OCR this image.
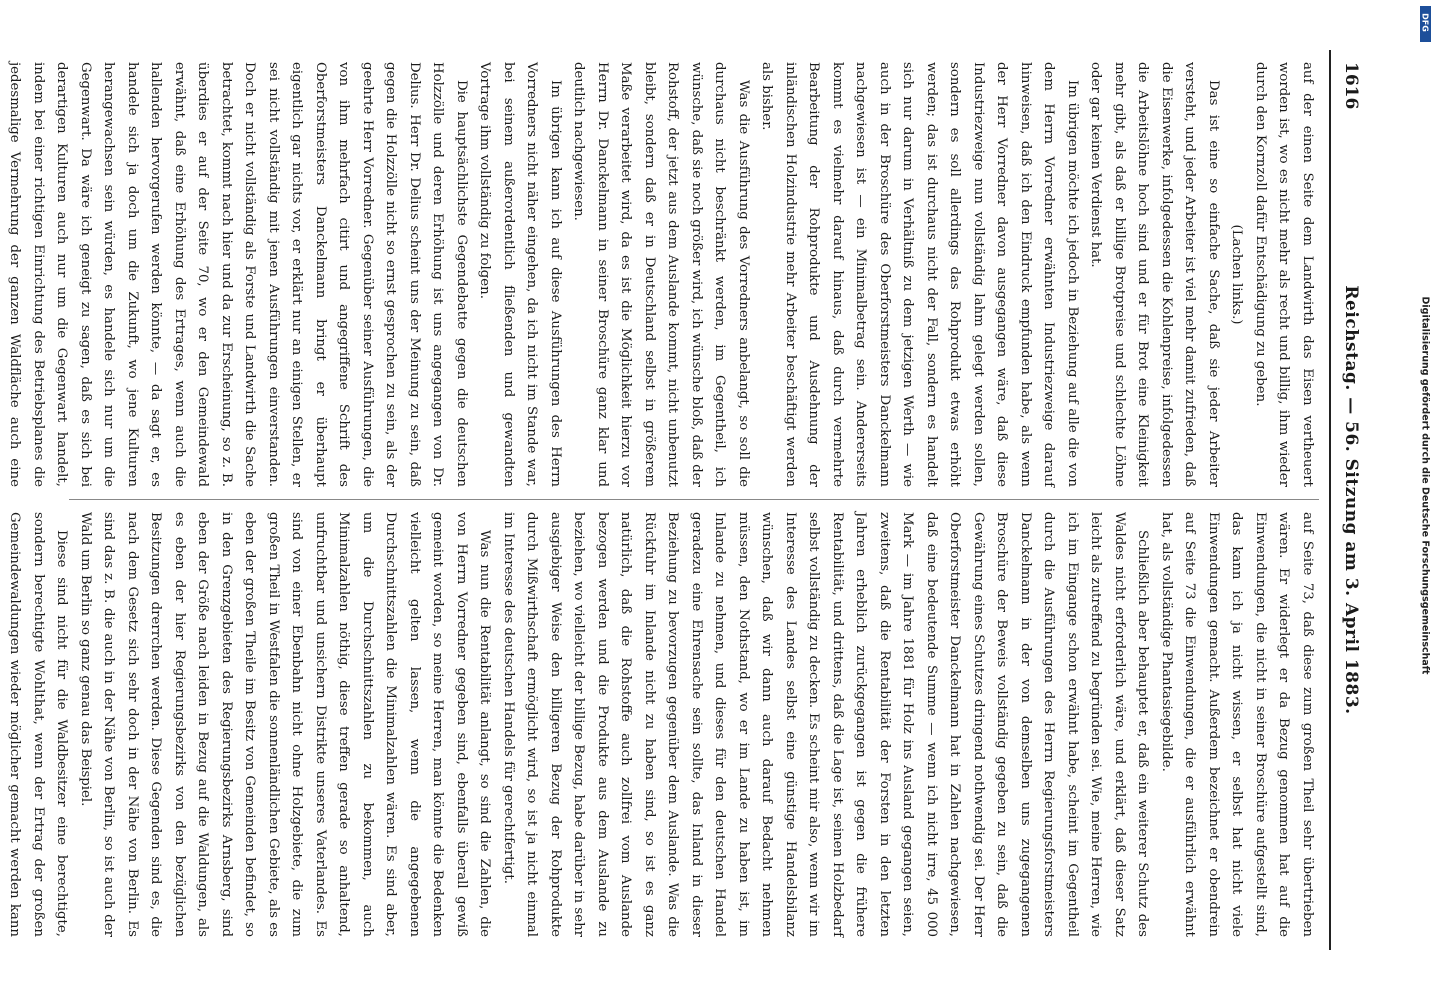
1616
Reichstag. — 56. Sitzung am 3. April 1883.

auf der einen Seite dem Landwirth das Eisen vertheuert worden ist, wo es nicht mehr als recht und billig, ihm wieder durch den Kornzoll dafür Entschädigung zu geben.

(Lachen links.)

Das ist eine so einfache Sache, daß sie jeder Arbeiter versteht, und jeder Arbeiter ist viel mehr damit zufrieden, daß die Eisenwerke, infolgedessen die Kohlenpreise, infolgedessen die Arbeitslöhne hoch sind und er für Brot eine Kleinigkeit mehr gibt, als daß er billige Brotpreise und schlechte Löhne oder gar keinen Verdienst hat.

Im übrigen möchte ich jedoch in Beziehung auf alle die von dem Herrn Vorredner erwähnten Industriezweige darauf hinweisen, daß ich den Eindruck empfunden habe, als wenn der Herr Vorredner davon ausgegangen wäre, daß diese Industriezweige nun vollständig lahm gelegt werden sollen, sondern es soll allerdings das Rohprodukt etwas erhöht werden; das ist durchaus nicht der Fall, sondern es handelt sich nur darum in Verhältniß zu dem jetzigen Werth — wie auch in der Broschüre des Oberforstmeisters Danckelmann nachgewiesen ist — ein Minimalbetrag sein. Andererseits kommt es vielmehr darauf hinaus, daß durch vermehrte Bearbeitung der Rohprodukte und Ausdehnung der inländischen Holzindustrie mehr Arbeiter beschäftigt werden als bisher.

Was die Ausführung des Vorredners anbelangt, so soll die durchaus nicht beschränkt werden, im Gegentheil, ich wünsche, daß sie noch größer wird, ich wünsche bloß, daß der Rohstoff, der jetzt aus dem Auslande kommt, nicht unbenutzt bleibt, sondern daß er in Deutschland selbst in größerem Maße verarbeitet wird, da es ist die Möglichkeit hierzu vor Herrn Dr. Danckelmann in seiner Broschüre ganz klar und deutlich nachgewiesen.

Im übrigen kann ich auf diese Ausführungen des Herrn Vorredners nicht näher eingehen, da ich nicht im Stande war, bei seinem außerordentlich fließenden und gewandten Vortrage ihm vollständig zu folgen.

Die hauptsächlichste Gegendebatte gegen die deutschen Holzzölle und deren Erhöhung ist uns angegangen von Dr. Delius. Herr Dr. Delius scheint uns der Meinung zu sein, daß gegen die Holzzölle nicht so ernst gesprochen zu sein, als der geehrte Herr Vorredner. Gegenüber seiner Ausführungen, die von ihm mehrfach citirt und angegriffene Schrift des Oberforstmeisters Danckelmann bringt er überhaupt eigentlich gar nichts vor, er erklärt nur an einigen Stellen, er sei nicht vollständig mit jenen Ausführungen einverstanden. Doch er nicht vollständig als Forste und Landwirth die Sache betrachtet, kommt nach hier und da zur Erscheinung, so z. B. überdies er auf der Seite 70, wo er den Gemeindewald erwähnt, daß eine Erhöhung des Ertrages, wenn auch die hallenden hervorgerufen werden könnte, — da sagt er, es handele sich ja doch um die Zukunft, wo jene Kulturen herangewachsen sein würden, es handele sich nur um die Gegenwart. Da wäre ich geneigt zu sagen, daß es sich bei derartigen Kulturen auch nur um die Gegenwart handelt, indem bei einer richtigen Einrichtung des Betriebsplanes die jedesmalige Vermehrung der ganzen Waldfläche auch eine

auf Seite 73, daß diese zum großen Theil sehr übertrieben wären. Er widerlegt er da Bezug genommen hat auf die Einwendungen, die nicht in seiner Broschüre aufgestellt sind, das kann ich ja nicht wissen, er selbst hat nicht viele Einwendungen gemacht. Außerdem bezeichnet er obendrein auf Seite 73 die Einwendungen, die er ausführlich erwähnt hat, als vollständige Phantasiegebilde.

Schließlich aber behauptet er, daß ein weiterer Schutz des Waldes nicht erforderlich wäre, und erklärt, daß dieser Satz leicht als zutreffend zu begründen sei. Wie, meine Herren, wie ich im Eingange schon erwähnt habe, scheint im Gegentheil durch die Ausführungen des Herrn Regierungsforstmeisters Danckelmann in der von demselben uns zugegangenen Broschüre der Beweis vollständig gegeben zu sein, daß die Gewährung eines Schutzes dringend nothwendig sei. Der Herr Oberforstmeister Danckelmann hat in Zahlen nachgewiesen, daß eine bedeutende Summe — wenn ich nicht irre, 45 000 Mark — im Jahre 1881 für Holz ins Ausland gegangen seien, zweitens, daß die Rentabilität der Forsten in den letzten Jahren erheblich zurückgegangen ist gegen die frühere Rentabilität, und drittens, daß die Lage ist, seinen Holzbedarf selbst vollständig zu decken. Es scheint mir also, wenn wir im Interesse des Landes selbst eine günstige Handelsbilanz wünschen, daß wir dann auch darauf Bedacht nehmen müssen, den Nothstand, wo er im Lande zu haben ist, im Inlande zu nehmen, und dieses für den deutschen Handel geradezu eine Ehrensache sein sollte, das Inland in dieser Beziehung zu bevorzugen gegenüber dem Auslande. Was die Rückfuhr im Inlande nicht zu haben sind, so ist es ganz natürlich, daß die Rohstoffe auch zollfrei vom Auslande bezogen werden und die Produkte aus dem Auslande zu beziehen, wo vielleicht der billige Bezug, habe darüber in sehr ausgiebiger Weise den billigeren Bezug der Rohprodukte durch Mißwirthschaft ermöglicht wird, so ist ja nicht einmal im Interesse des deutschen Handels für gerechtfertigt.

Was nun die Rentabilität anlangt, so sind die Zahlen, die von Herrn Vorredner gegeben sind, ebenfalls überall gewiß gemeint worden, so meine Herren, man könnte die Bedenken vielleicht gelten lassen, wenn die angegebenen Durchschnittszahlen die Minimalzahlen wären. Es sind aber, um die Durchschnittszahlen zu bekommen, auch Minimalzahlen nöthig, diese treffen gerade so anhaltend, unfruchtbar und unsichern Distrikte unseres Vaterlandes. Es sind von einer Ebenbahn nicht ohne Holzgebiete, die zum großen Theil in Westfalen die sonnenländlichen Gebiete, als es eben der großen Theile im Besitz von Gemeinden befindet, so in den Grenzgebieten des Regierungsbezirks Arnsberg, sind eben der Größe nach leiden in Bezug auf die Waldungen, als es eben der hier Regierungsbezirks von den bezüglichen Besitzungen drerrchen werden. Diese Gegenden sind es, die nach dem Gesetz sich sehr doch in der Nähe von Berlin. Es sind das z. B. die auch in der Nähe von Berlin, so ist auch der Wald um Berlin so ganz genau das Beispiel.

Diese sind nicht für die Waldbesitzer eine berechtigte, sondern berechtigte Wohlthat, wenn der Ertrag der großen Gemeindewaldungen wieder möglicher gemacht werden kann

DFG
Digitalisierung gefördert durch die Deutsche Forschungsgemeinschaft
